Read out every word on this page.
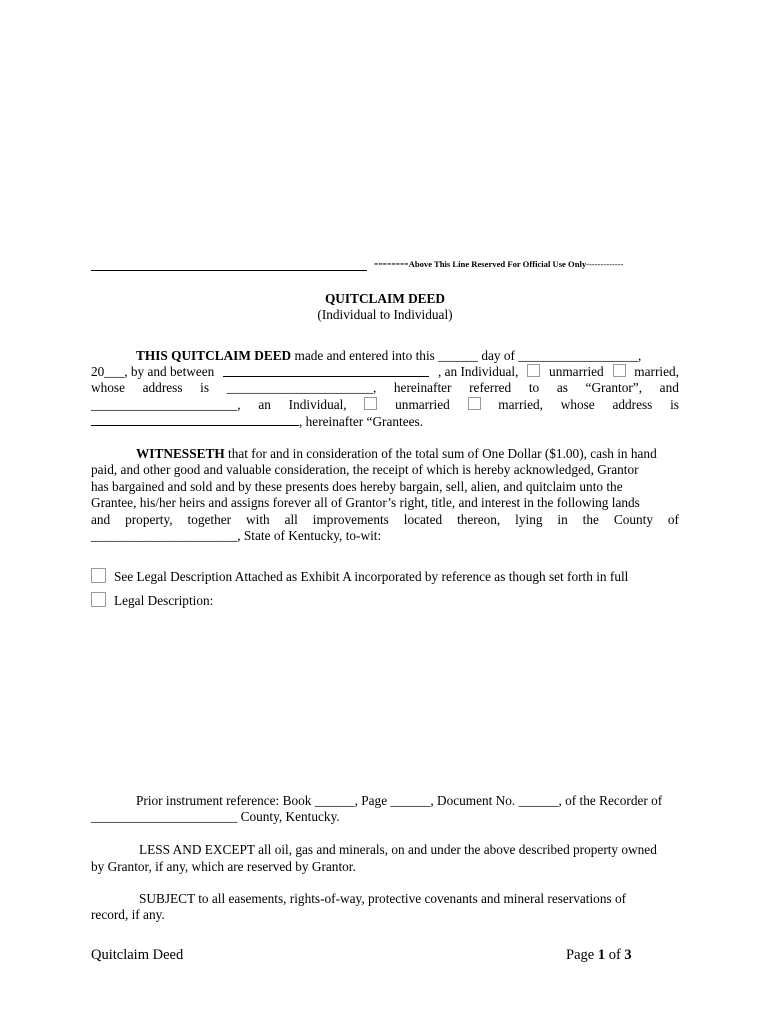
--------Above This Line Reserved For Official Use Only-------------
QUITCLAIM DEED
(Individual to Individual)
THIS QUITCLAIM DEED made and entered into this ______ day of __________________,
20___, by and between	, an Individual, unmarried married,
whose address is ______________________, hereinafter referred to as “Grantor”, and
______________________, an Individual,	unmarried	married, whose address is
, hereinafter “Grantees.
WITNESSETH that for and in consideration of the total sum of One Dollar ($1.00), cash in hand
paid, and other good and valuable consideration, the receipt of which is hereby acknowledged, Grantor
has bargained and sold and by these presents does hereby bargain, sell, alien, and quitclaim unto the
Grantee, his/her heirs and assigns forever all of Grantor’s right, title, and interest in the following lands
and property, together with all improvements located thereon, lying in the County of
______________________, State of Kentucky, to-wit:
See Legal Description Attached as Exhibit A incorporated by reference as though set forth in full
Legal Description:
Prior instrument reference: Book ______, Page ______, Document No. ______, of the Recorder of
______________________ County, Kentucky.
LESS AND EXCEPT all oil, gas and minerals, on and under the above described property owned
by Grantor, if any, which are reserved by Grantor.
SUBJECT to all easements, rights-of-way, protective covenants and mineral reservations of
record, if any.
Quitclaim Deed	Page 1 of 3
